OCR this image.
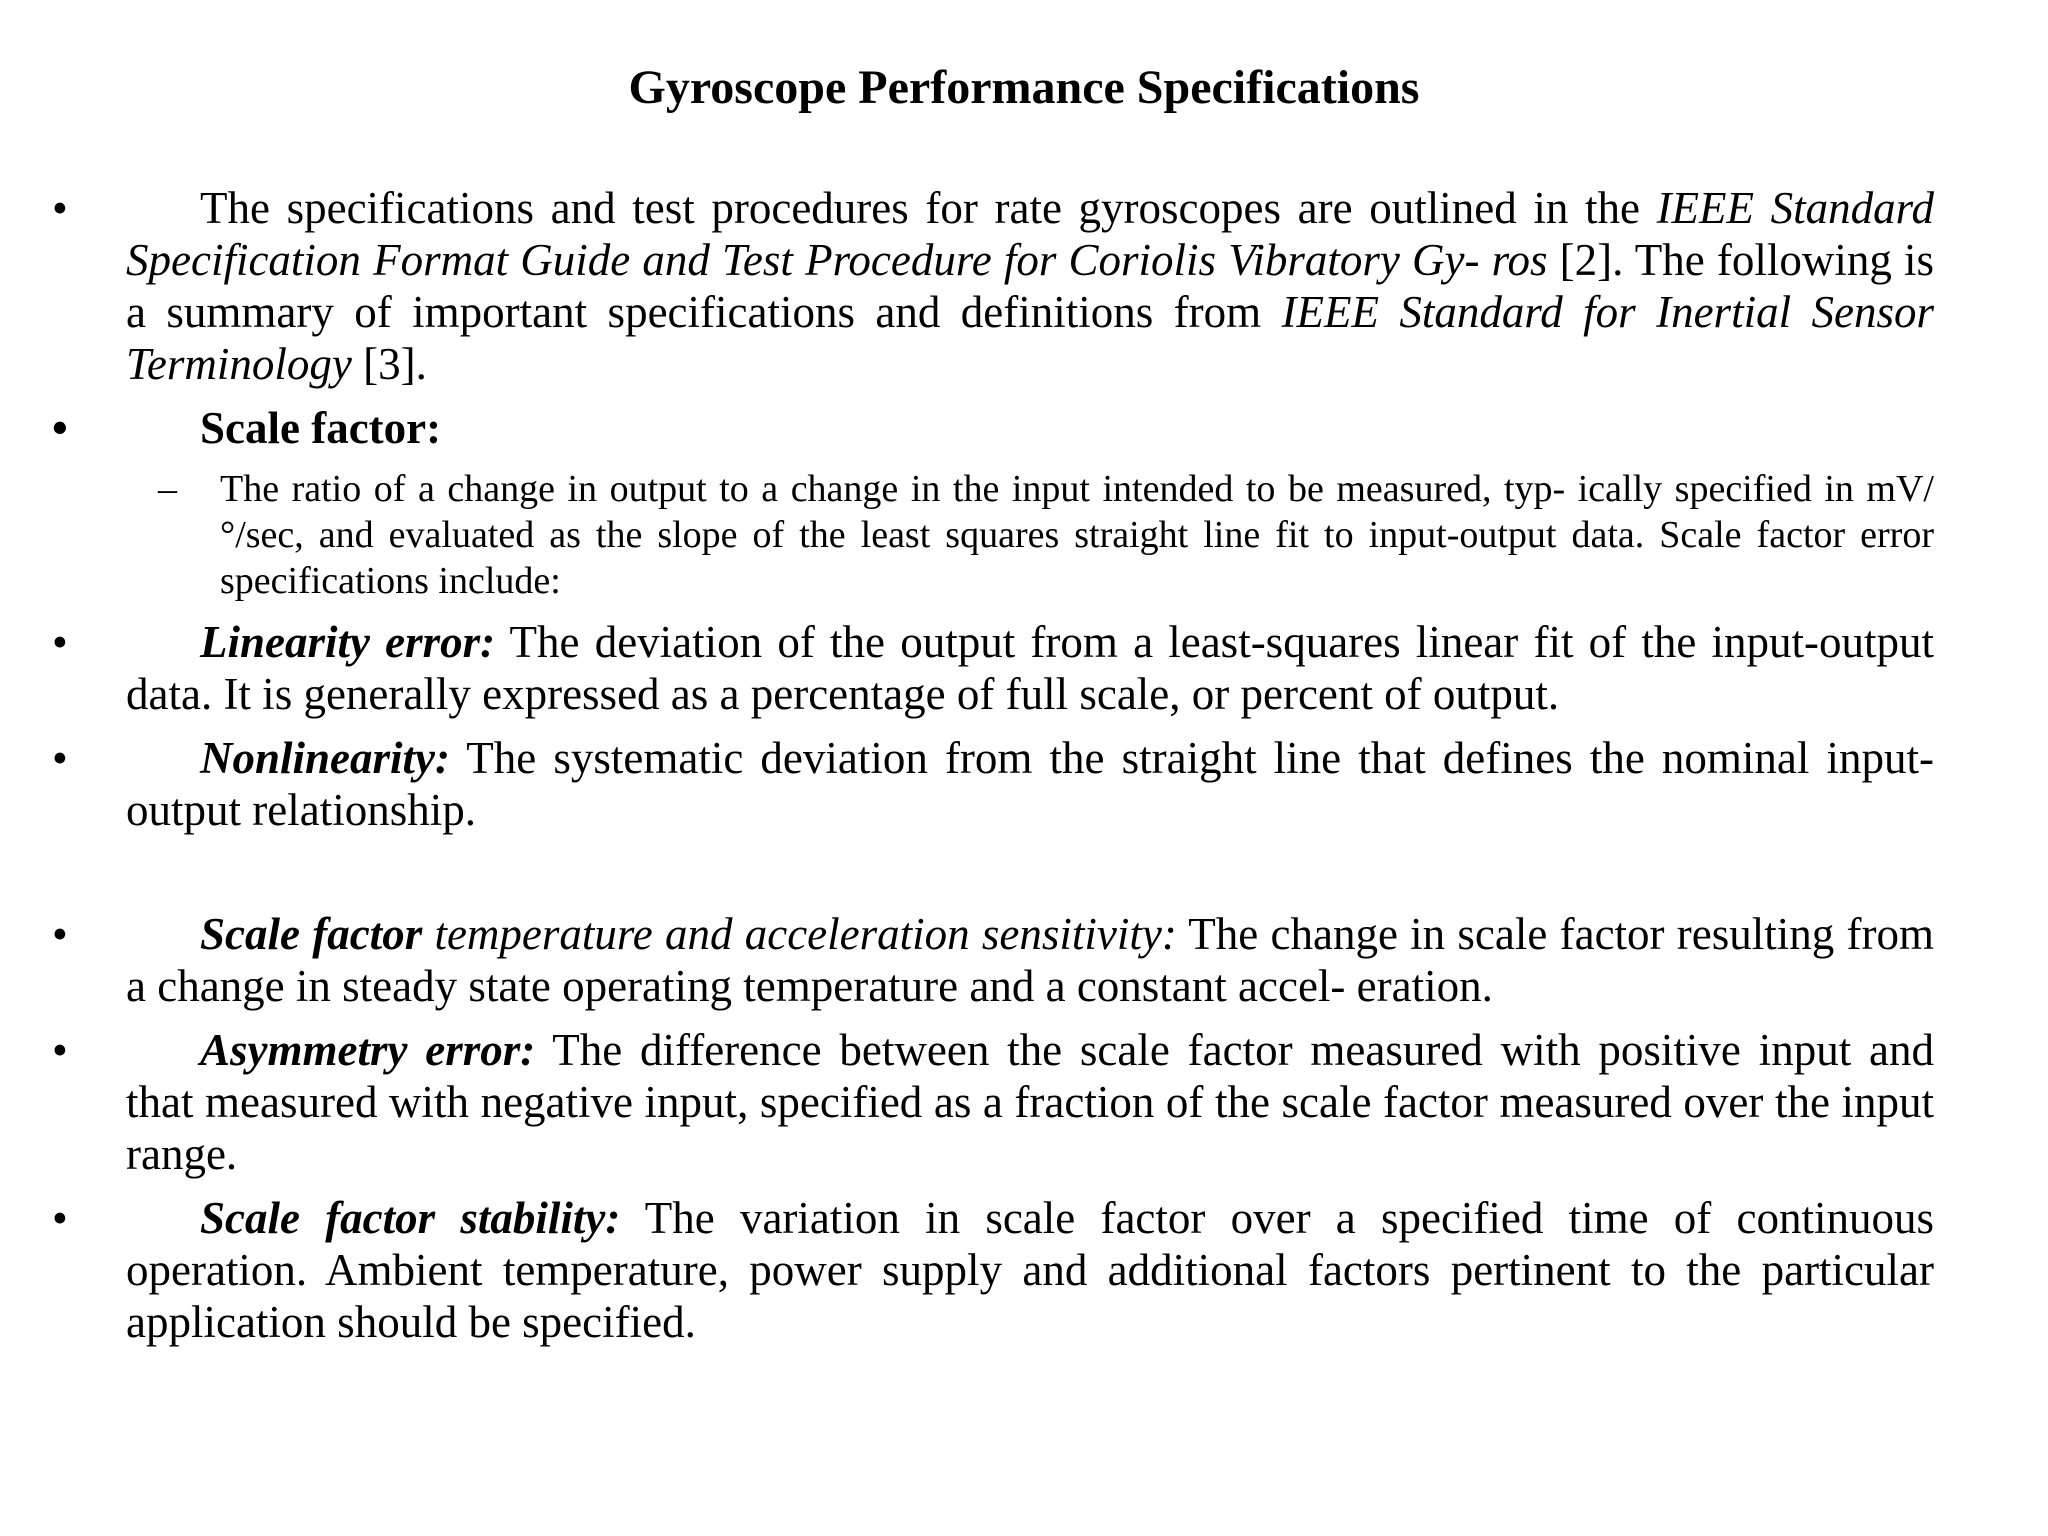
Gyroscope Performance Specifications

•	The specifications and test procedures for rate gyroscopes are outlined in the IEEE Standard Specification Format Guide and Test Procedure for Coriolis Vibratory Gy- ros [2]. The following is a summary of important specifications and definitions from IEEE Standard for Inertial Sensor Terminology [3].

•	Scale factor:

– The ratio of a change in output to a change in the input intended to be measured, typ- ically specified in mV/°/sec, and evaluated as the slope of the least squares straight line fit to input-output data. Scale factor error specifications include:

•	Linearity error: The deviation of the output from a least-squares linear fit of the input-output data. It is generally expressed as a percentage of full scale, or percent of output.

•	Nonlinearity: The systematic deviation from the straight line that defines the nominal input-output relationship.

•	Scale factor temperature and acceleration sensitivity: The change in scale factor resulting from a change in steady state operating temperature and a constant accel- eration.

•	Asymmetry error: The difference between the scale factor measured with positive input and that measured with negative input, specified as a fraction of the scale factor measured over the input range.

•	Scale factor stability: The variation in scale factor over a specified time of continuous operation. Ambient temperature, power supply and additional factors pertinent to the particular application should be specified.
